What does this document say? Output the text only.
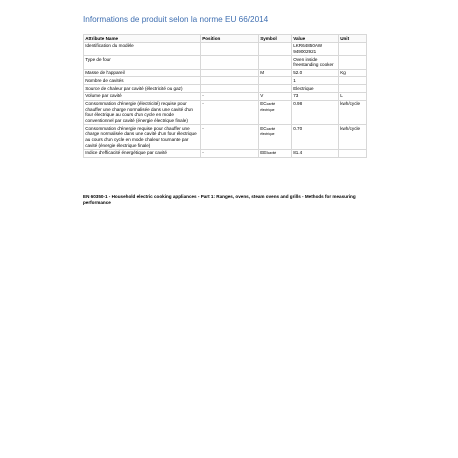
Informations de produit selon la norme EU 66/2014
Attribute Name	Position	Symbol	Value	Unit
Identification du modèle			LKR64850AW 949002921	
Type de four			Oven inside freestanding cooker	
Masse de l'appareil		M	52.0	Kg
Nombre de cavités			1	
Source de chaleur par cavité (électricité ou gaz)			Electrique	
Volume par cavité	-	V	73	L
Consommation d'énergie (électricité) requise pour chauffer une charge normalisée dans une cavité d'un four électrique au cours d'un cycle en mode conventionnel par cavité (énergie électrique finale)	-	ECcavité électrique	0.98	kwh/cycle
Consommation d'énergie requise pour chauffer une charge normalisée dans une cavité d'un four électrique au cours d'un cycle en mode chaleur tournante par cavité (énergie électrique finale)	-	ECcavité électrique	0.70	kwh/cycle
Indice d'efficacité énergétique par cavité	-	EEIcavité	81.4	

EN 60350-1 - Household electric cooking appliances - Part 1: Ranges, ovens, steam ovens and grills - Methods for measuring performance
